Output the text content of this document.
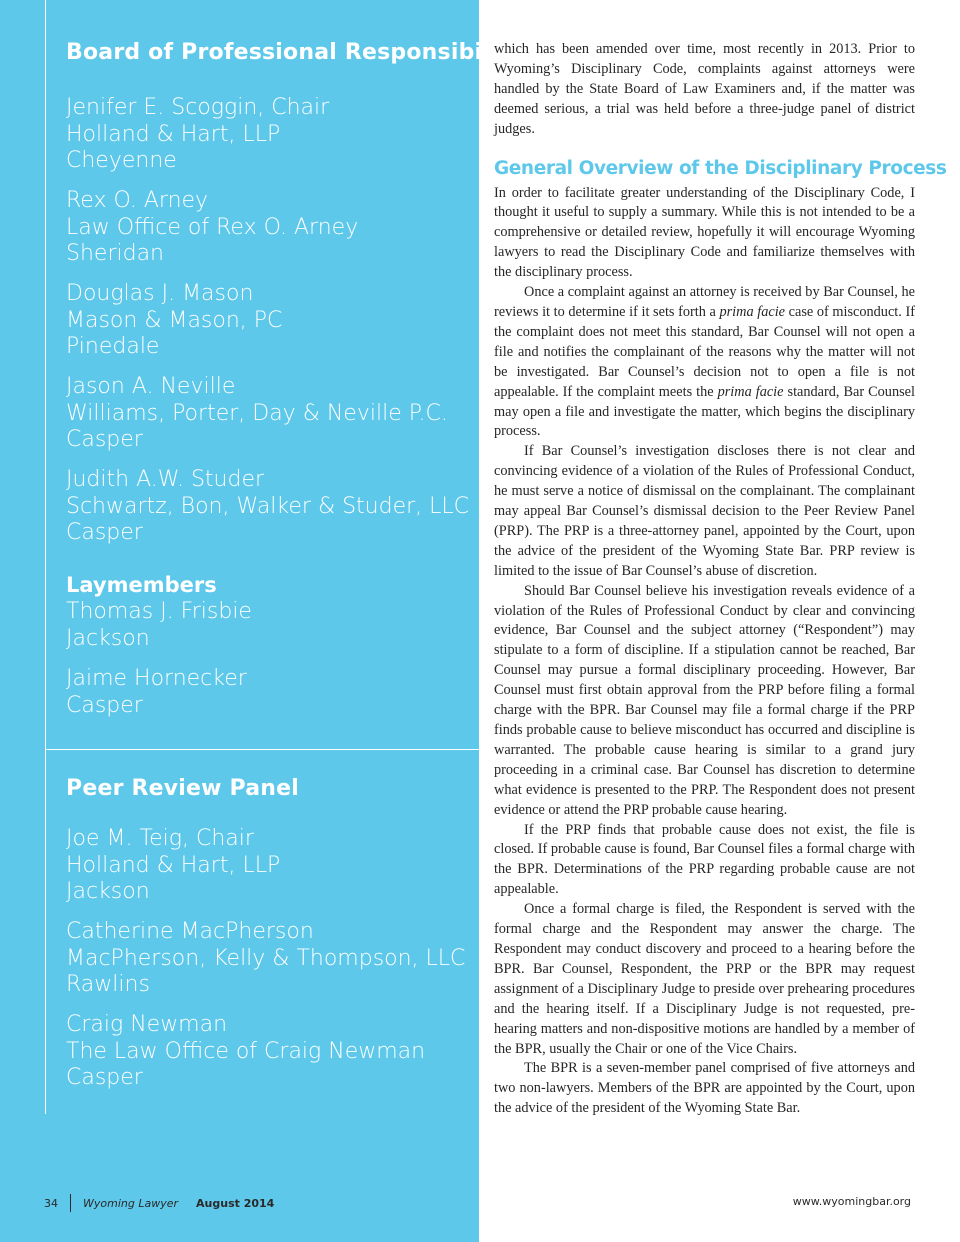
Board of Professional Responsibility
Jenifer E. Scoggin, Chair
Holland & Hart, LLP
Cheyenne
Rex O. Arney
Law Office of Rex O. Arney
Sheridan
Douglas J. Mason
Mason & Mason, PC
Pinedale
Jason A. Neville
Williams, Porter, Day & Neville P.C.
Casper
Judith A.W. Studer
Schwartz, Bon, Walker & Studer, LLC
Casper
Laymembers
Thomas J. Frisbie
Jackson
Jaime Hornecker
Casper
Peer Review Panel
Joe M. Teig, Chair
Holland & Hart, LLP
Jackson
Catherine MacPherson
MacPherson, Kelly & Thompson, LLC
Rawlins
Craig Newman
The Law Office of Craig Newman
Casper
34 Wyoming Lawyer August 2014

which has been amended over time, most recently in 2013. Prior to Wyoming’s Disciplinary Code, complaints against attorneys were handled by the State Board of Law Examiners and, if the matter was deemed serious, a trial was held before a three-judge panel of district judges.

General Overview of the Disciplinary Process

In order to facilitate greater understanding of the Disciplinary Code, I thought it useful to supply a summary. While this is not intended to be a comprehensive or detailed review, hopefully it will encourage Wyoming lawyers to read the Disciplinary Code and familiarize themselves with the disciplinary process.

Once a complaint against an attorney is received by Bar Counsel, he reviews it to determine if it sets forth a prima facie case of misconduct. If the complaint does not meet this standard, Bar Counsel will not open a file and notifies the complainant of the reasons why the matter will not be investigated. Bar Counsel’s decision not to open a file is not appealable. If the complaint meets the prima facie standard, Bar Counsel may open a file and investigate the matter, which begins the disciplinary process.

If Bar Counsel’s investigation discloses there is not clear and convincing evidence of a violation of the Rules of Professional Conduct, he must serve a notice of dismissal on the complainant. The complainant may appeal Bar Counsel’s dismissal decision to the Peer Review Panel (PRP). The PRP is a three-attorney panel, appointed by the Court, upon the advice of the president of the Wyoming State Bar. PRP review is limited to the issue of Bar Counsel’s abuse of discretion.

Should Bar Counsel believe his investigation reveals evidence of a violation of the Rules of Professional Conduct by clear and convincing evidence, Bar Counsel and the subject attorney (“Respondent”) may stipulate to a form of discipline. If a stipulation cannot be reached, Bar Counsel may pursue a formal disciplinary proceeding. However, Bar Counsel must first obtain approval from the PRP before filing a formal charge with the BPR. Bar Counsel may file a formal charge if the PRP finds probable cause to believe misconduct has occurred and discipline is warranted. The probable cause hearing is similar to a grand jury proceeding in a criminal case. Bar Counsel has discretion to determine what evidence is presented to the PRP. The Respondent does not present evidence or attend the PRP probable cause hearing.

If the PRP finds that probable cause does not exist, the file is closed. If probable cause is found, Bar Counsel files a formal charge with the BPR. Determinations of the PRP regarding probable cause are not appealable.

Once a formal charge is filed, the Respondent is served with the formal charge and the Respondent may answer the charge. The Respondent may conduct discovery and proceed to a hearing before the BPR. Bar Counsel, Respondent, the PRP or the BPR may request assignment of a Disciplinary Judge to preside over prehearing procedures and the hearing itself. If a Disciplinary Judge is not requested, pre-hearing matters and non-dispositive motions are handled by a member of the BPR, usually the Chair or one of the Vice Chairs.

The BPR is a seven-member panel comprised of five attorneys and two non-lawyers. Members of the BPR are appointed by the Court, upon the advice of the president of the Wyoming State Bar.

www.wyomingbar.org
